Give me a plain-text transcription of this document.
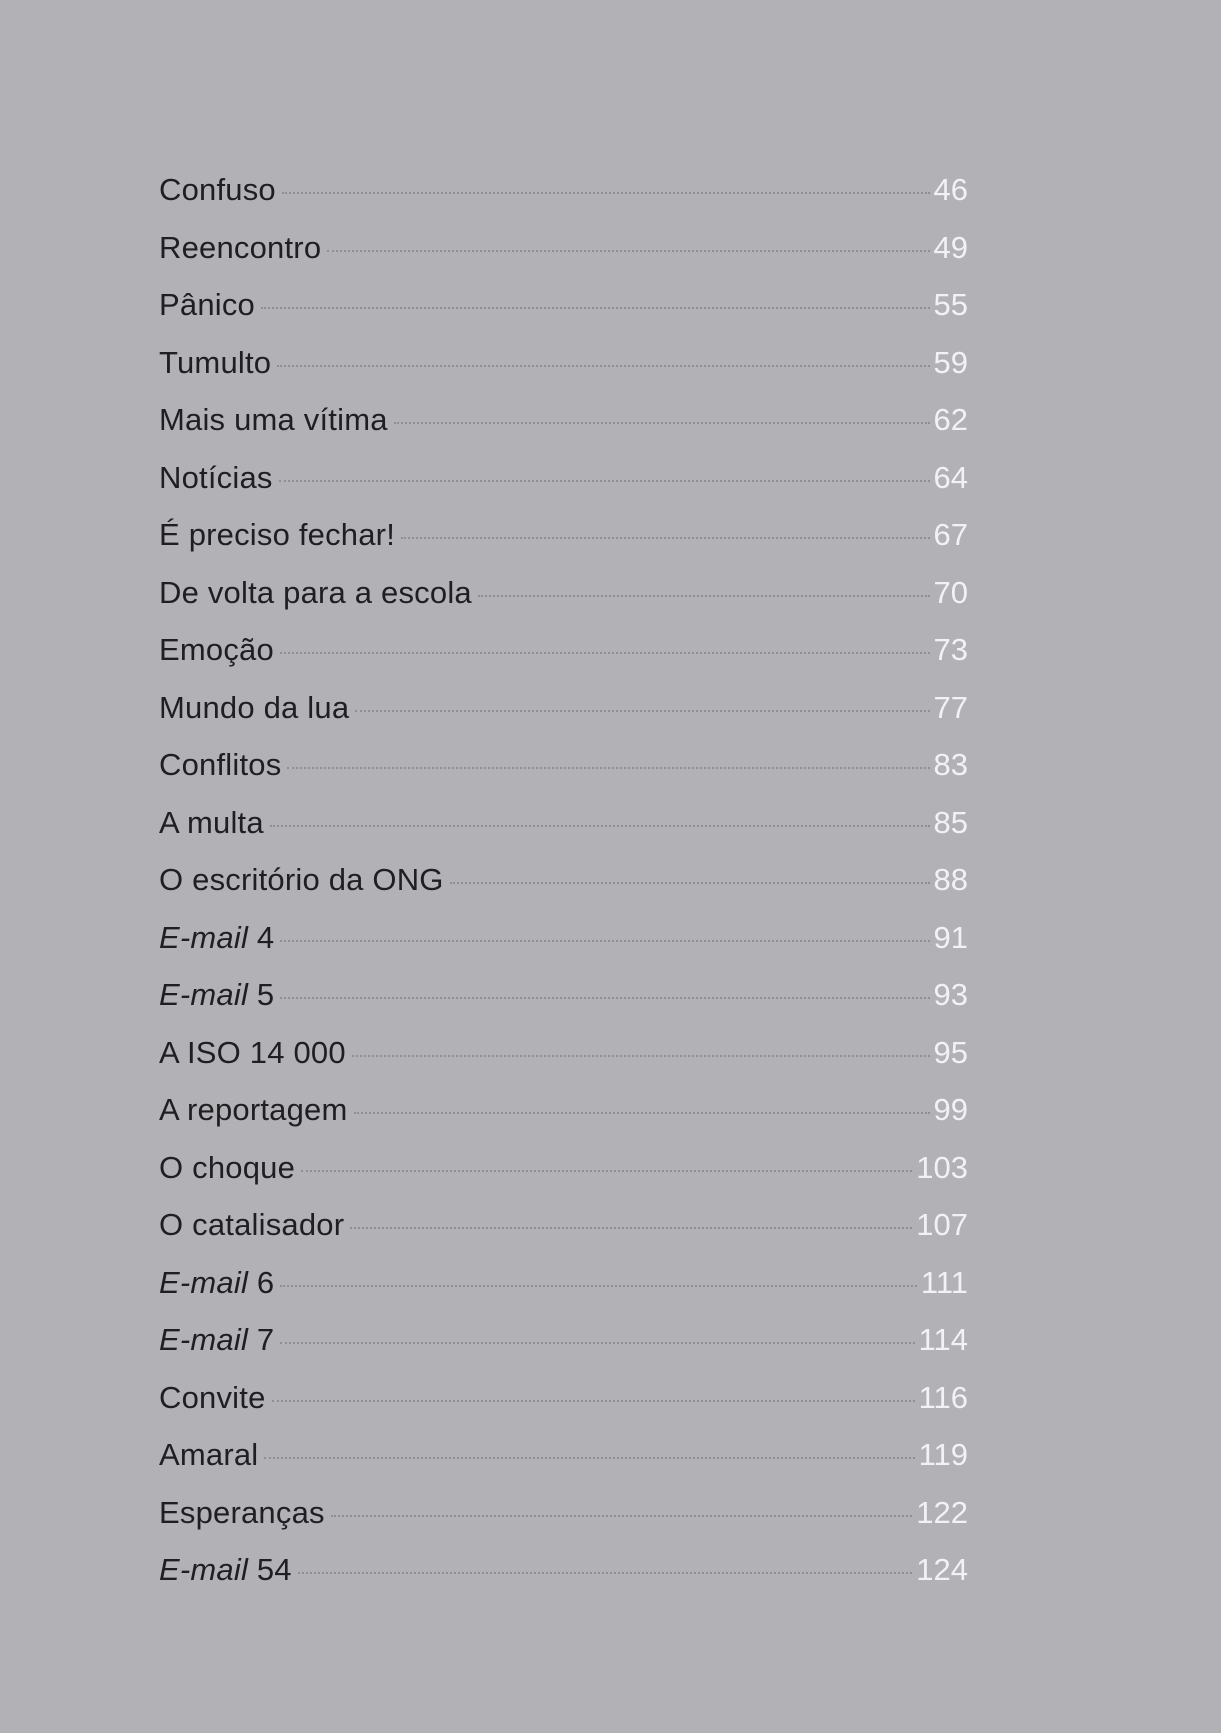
Confuso	46
Reencontro	49
Pânico	55
Tumulto	59
Mais uma vítima	62
Notícias	64
É preciso fechar!	67
De volta para a escola	70
Emoção	73
Mundo da lua	77
Conflitos	83
A multa	85
O escritório da ONG	88
E-mail 4	91
E-mail 5	93
A ISO 14 000	95
A reportagem	99
O choque	103
O catalisador	107
E-mail 6	111
E-mail 7	114
Convite	116
Amaral	119
Esperanças	122
E-mail 54	124
